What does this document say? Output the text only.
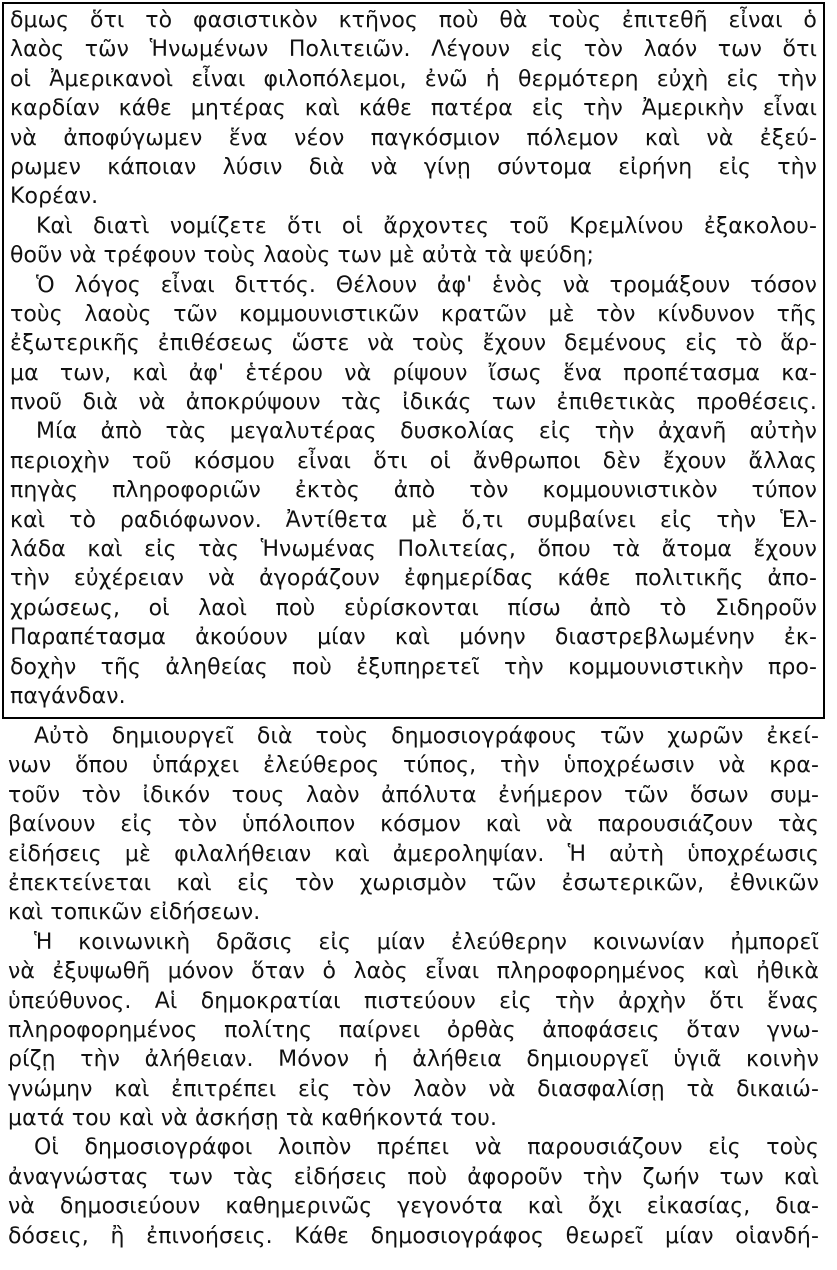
δμως ὅτι τὸ φασιστικὸν κτῆνος ποὺ θὰ τοὺς ἐπιτεθῆ εἶναι ὁ
λαὸς τῶν Ἡνωμένων Πολιτειῶν. Λέγουν εἰς τὸν λαόν των ὅτι
οἱ Ἀμερικανοὶ εἶναι φιλοπόλεμοι, ἐνῶ ἡ θερμότερη εὐχὴ εἰς τὴν
καρδίαν κάθε μητέρας καὶ κάθε πατέρα εἰς τὴν Ἀμερικὴν εἶναι
νὰ ἀποφύγωμεν ἕνα νέον παγκόσμιον πόλεμον καὶ νὰ ἐξεύ-
ρωμεν κάποιαν λύσιν διὰ νὰ γίνῃ σύντομα εἰρήνη εἰς τὴν
Κορέαν.
Καὶ διατὶ νομίζετε ὅτι οἱ ἄρχοντες τοῦ Κρεμλίνου ἐξακολου-
θοῦν νὰ τρέφουν τοὺς λαοὺς των μὲ αὐτὰ τὰ ψεύδη;
Ὁ λόγος εἶναι διττός. Θέλουν ἀφ' ἑνὸς νὰ τρομάξουν τόσον
τοὺς λαοὺς τῶν κομμουνιστικῶν κρατῶν μὲ τὸν κίνδυνον τῆς
ἐξωτερικῆς ἐπιθέσεως ὥστε νὰ τοὺς ἔχουν δεμένους εἰς τὸ ἅρ-
μα των, καὶ ἀφ' ἑτέρου νὰ ρίψουν ἴσως ἕνα προπέτασμα κα-
πνοῦ διὰ νὰ ἀποκρύψουν τὰς ἰδικάς των ἐπιθετικὰς προθέσεις.
Μία ἀπὸ τὰς μεγαλυτέρας δυσκολίας εἰς τὴν ἀχανῆ αὐτὴν
περιοχὴν τοῦ κόσμου εἶναι ὅτι οἱ ἄνθρωποι δὲν ἔχουν ἄλλας
πηγὰς πληροφοριῶν ἐκτὸς ἀπὸ τὸν κομμουνιστικὸν τύπον
καὶ τὸ ραδιόφωνον. Ἀντίθετα μὲ ὅ,τι συμβαίνει εἰς τὴν Ἑλ-
λάδα καὶ εἰς τὰς Ἡνωμένας Πολιτείας, ὅπου τὰ ἄτομα ἔχουν
τὴν εὐχέρειαν νὰ ἀγοράζουν ἐφημερίδας κάθε πολιτικῆς ἀπο-
χρώσεως, οἱ λαοὶ ποὺ εὑρίσκονται πίσω ἀπὸ τὸ Σιδηροῦν
Παραπέτασμα ἀκούουν μίαν καὶ μόνην διαστρεβλωμένην ἐκ-
δοχὴν τῆς ἀληθείας ποὺ ἐξυπηρετεῖ τὴν κομμουνιστικὴν προ-
παγάνδαν.
Αὐτὸ δημιουργεῖ διὰ τοὺς δημοσιογράφους τῶν χωρῶν ἐκεί-
νων ὅπου ὑπάρχει ἐλεύθερος τύπος, τὴν ὑποχρέωσιν νὰ κρα-
τοῦν τὸν ἰδικόν τους λαὸν ἀπόλυτα ἐνήμερον τῶν ὅσων συμ-
βαίνουν εἰς τὸν ὑπόλοιπον κόσμον καὶ νὰ παρουσιάζουν τὰς
εἰδήσεις μὲ φιλαλήθειαν καὶ ἀμεροληψίαν. Ἡ αὐτὴ ὑποχρέωσις
ἐπεκτείνεται καὶ εἰς τὸν χωρισμὸν τῶν ἐσωτερικῶν, ἐθνικῶν
καὶ τοπικῶν εἰδήσεων.
Ἡ κοινωνικὴ δρᾶσις εἰς μίαν ἐλεύθερην κοινωνίαν ἠμπορεῖ
νὰ ἐξυψωθῆ μόνον ὅταν ὁ λαὸς εἶναι πληροφορημένος καὶ ἠθικὰ
ὑπεύθυνος. Αἱ δημοκρατίαι πιστεύουν εἰς τὴν ἀρχὴν ὅτι ἕνας
πληροφορημένος πολίτης παίρνει ὀρθὰς ἀποφάσεις ὅταν γνω-
ρίζῃ τὴν ἀλήθειαν. Μόνον ἡ ἀλήθεια δημιουργεῖ ὑγιᾶ κοινὴν
γνώμην καὶ ἐπιτρέπει εἰς τὸν λαὸν νὰ διασφαλίσῃ τὰ δικαιώ-
ματά του καὶ νὰ ἀσκήσῃ τὰ καθήκοντά του.
Οἱ δημοσιογράφοι λοιπὸν πρέπει νὰ παρουσιάζουν εἰς τοὺς
ἀναγνώστας των τὰς εἰδήσεις ποὺ ἀφοροῦν τὴν ζωήν των καὶ
νὰ δημοσιεύουν καθημερινῶς γεγονότα καὶ ὄχι εἰκασίας, δια-
δόσεις, ἢ ἐπινοήσεις. Κάθε δημοσιογράφος θεωρεῖ μίαν οἱανδή-
